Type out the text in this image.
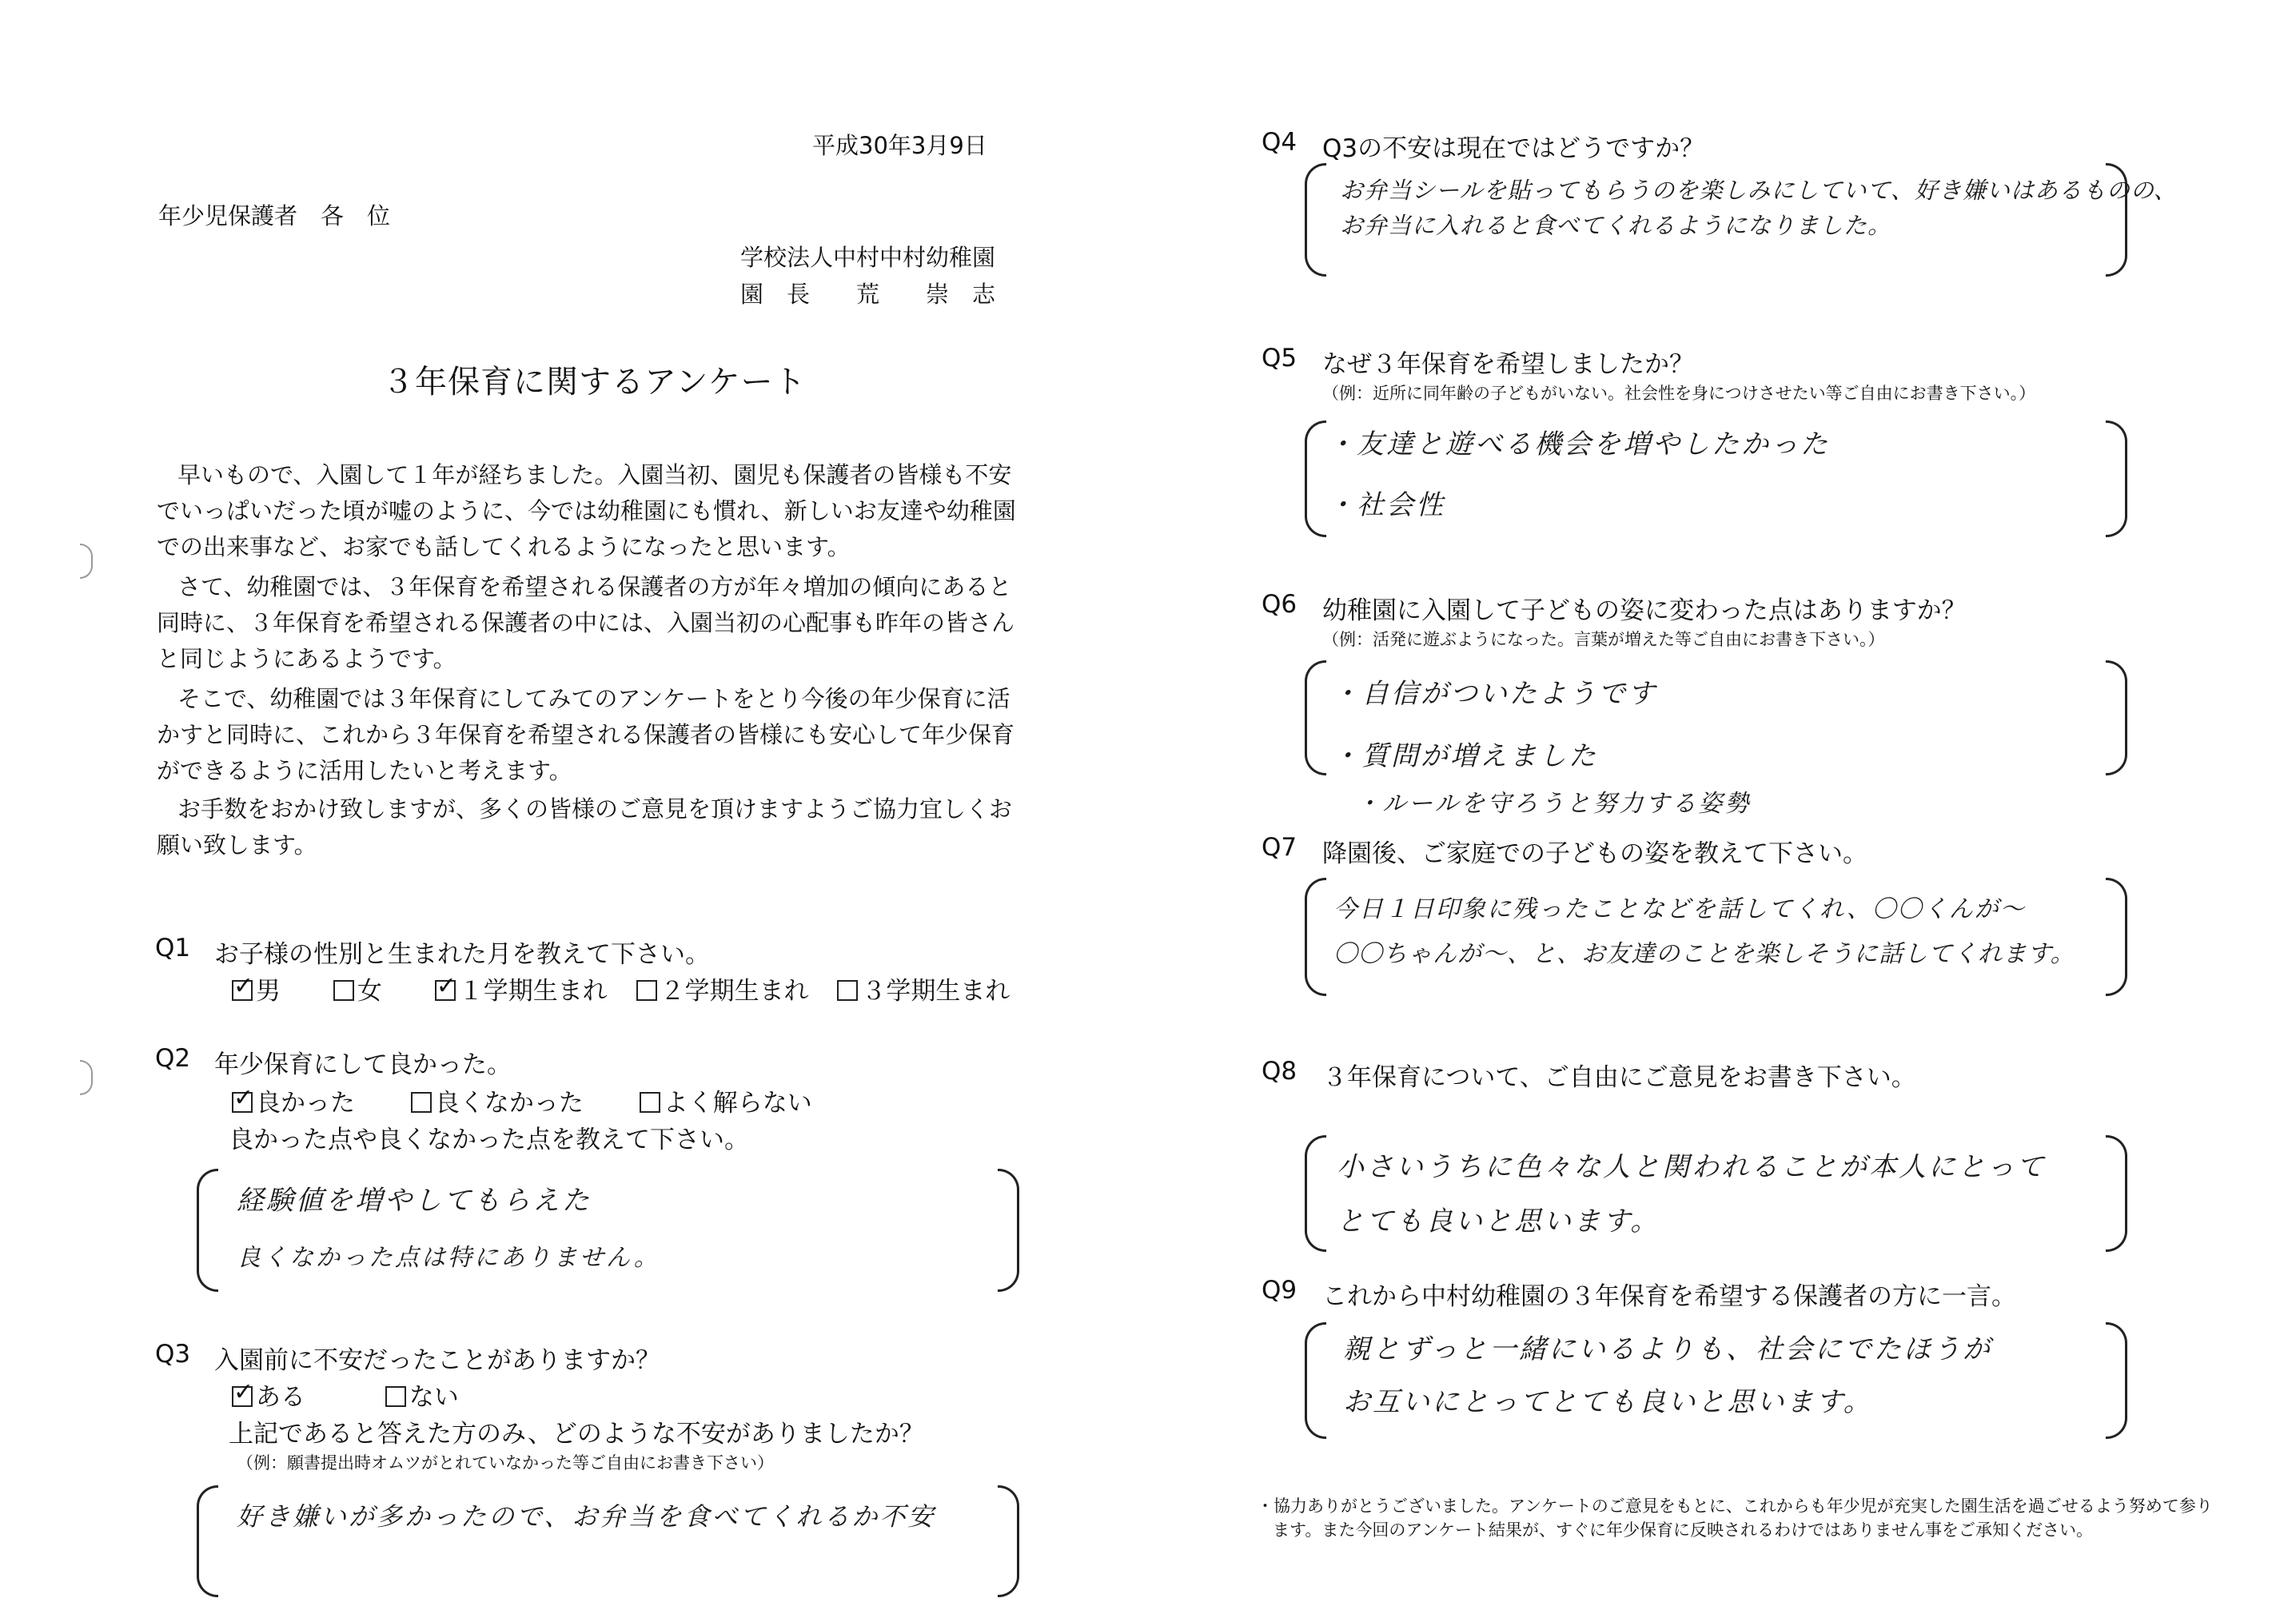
平成30年3月9日
年少児保護者　各　位
学校法人中村中村幼稚園
園　長　　荒　　崇　志
３年保育に関するアンケート
早いもので、入園して１年が経ちました。入園当初、園児も保護者の皆様も不安でいっぱいだった頃が嘘のように、今では幼稚園にも慣れ、新しいお友達や幼稚園での出来事など、お家でも話してくれるようになったと思います。
さて、幼稚園では、３年保育を希望される保護者の方が年々増加の傾向にあると同時に、３年保育を希望される保護者の中には、入園当初の心配事も昨年の皆さんと同じようにあるようです。
そこで、幼稚園では３年保育にしてみてのアンケートをとり今後の年少保育に活かすと同時に、これから３年保育を希望される保護者の皆様にも安心して年少保育ができるように活用したいと考えます。
お手数をおかけ致しますが、多くの皆様のご意見を頂けますようご協力宜しくお願い致します。
Q1 お子様の性別と生まれた月を教えて下さい。
✓男	女 ✓	１学期生まれ ２学期生まれ ３学期生まれ
Q2 年少保育にして良かった。
✓良かった	良くなかった	よく解らない
良かった点や良くなかった点を教えて下さい。
経験値を増やしてもらえた
良くなかった点は特にありません。
Q3 入園前に不安だったことがありますか？
✓ある	ない
上記であると答えた方のみ、どのような不安がありましたか？
（例：願書提出時オムツがとれていなかった等ご自由にお書き下さい）
好き嫌いが多かったので、お弁当を食べてくれるか不安
Q4 Q3の不安は現在ではどうですか？
お弁当シールを貼ってもらうのを楽しみにしていて、好き嫌いはあるものの、
お弁当に入れると食べてくれるようになりました。
Q5 なぜ３年保育を希望しましたか？
（例：近所に同年齢の子どもがいない。社会性を身につけさせたい等ご自由にお書き下さい。）
・友達と遊べる機会を増やしたかった
・社会性
Q6 幼稚園に入園して子どもの姿に変わった点はありますか？
（例：活発に遊ぶようになった。言葉が増えた等ご自由にお書き下さい。）
・自信がついたようです
・質問が増えました
・ルールを守ろうと努力する姿勢
Q7 降園後、ご家庭での子どもの姿を教えて下さい。
今日１日印象に残ったことなどを話してくれ、〇〇くんが～
〇〇ちゃんが～、と、お友達のことを楽しそうに話してくれます。
Q8 ３年保育について、ご自由にご意見をお書き下さい。
小さいうちに色々な人と関われることが本人にとって
とても良いと思います。
Q9 これから中村幼稚園の３年保育を希望する保護者の方に一言。
親とずっと一緒にいるよりも、社会にでたほうが
お互いにとってとても良いと思います。
・協力ありがとうございました。アンケートのご意見をもとに、これからも年少児が充実した園生活を過ごせるよう努めて参り
ます。また今回のアンケート結果が、すぐに年少保育に反映されるわけではありません事をご承知ください。
